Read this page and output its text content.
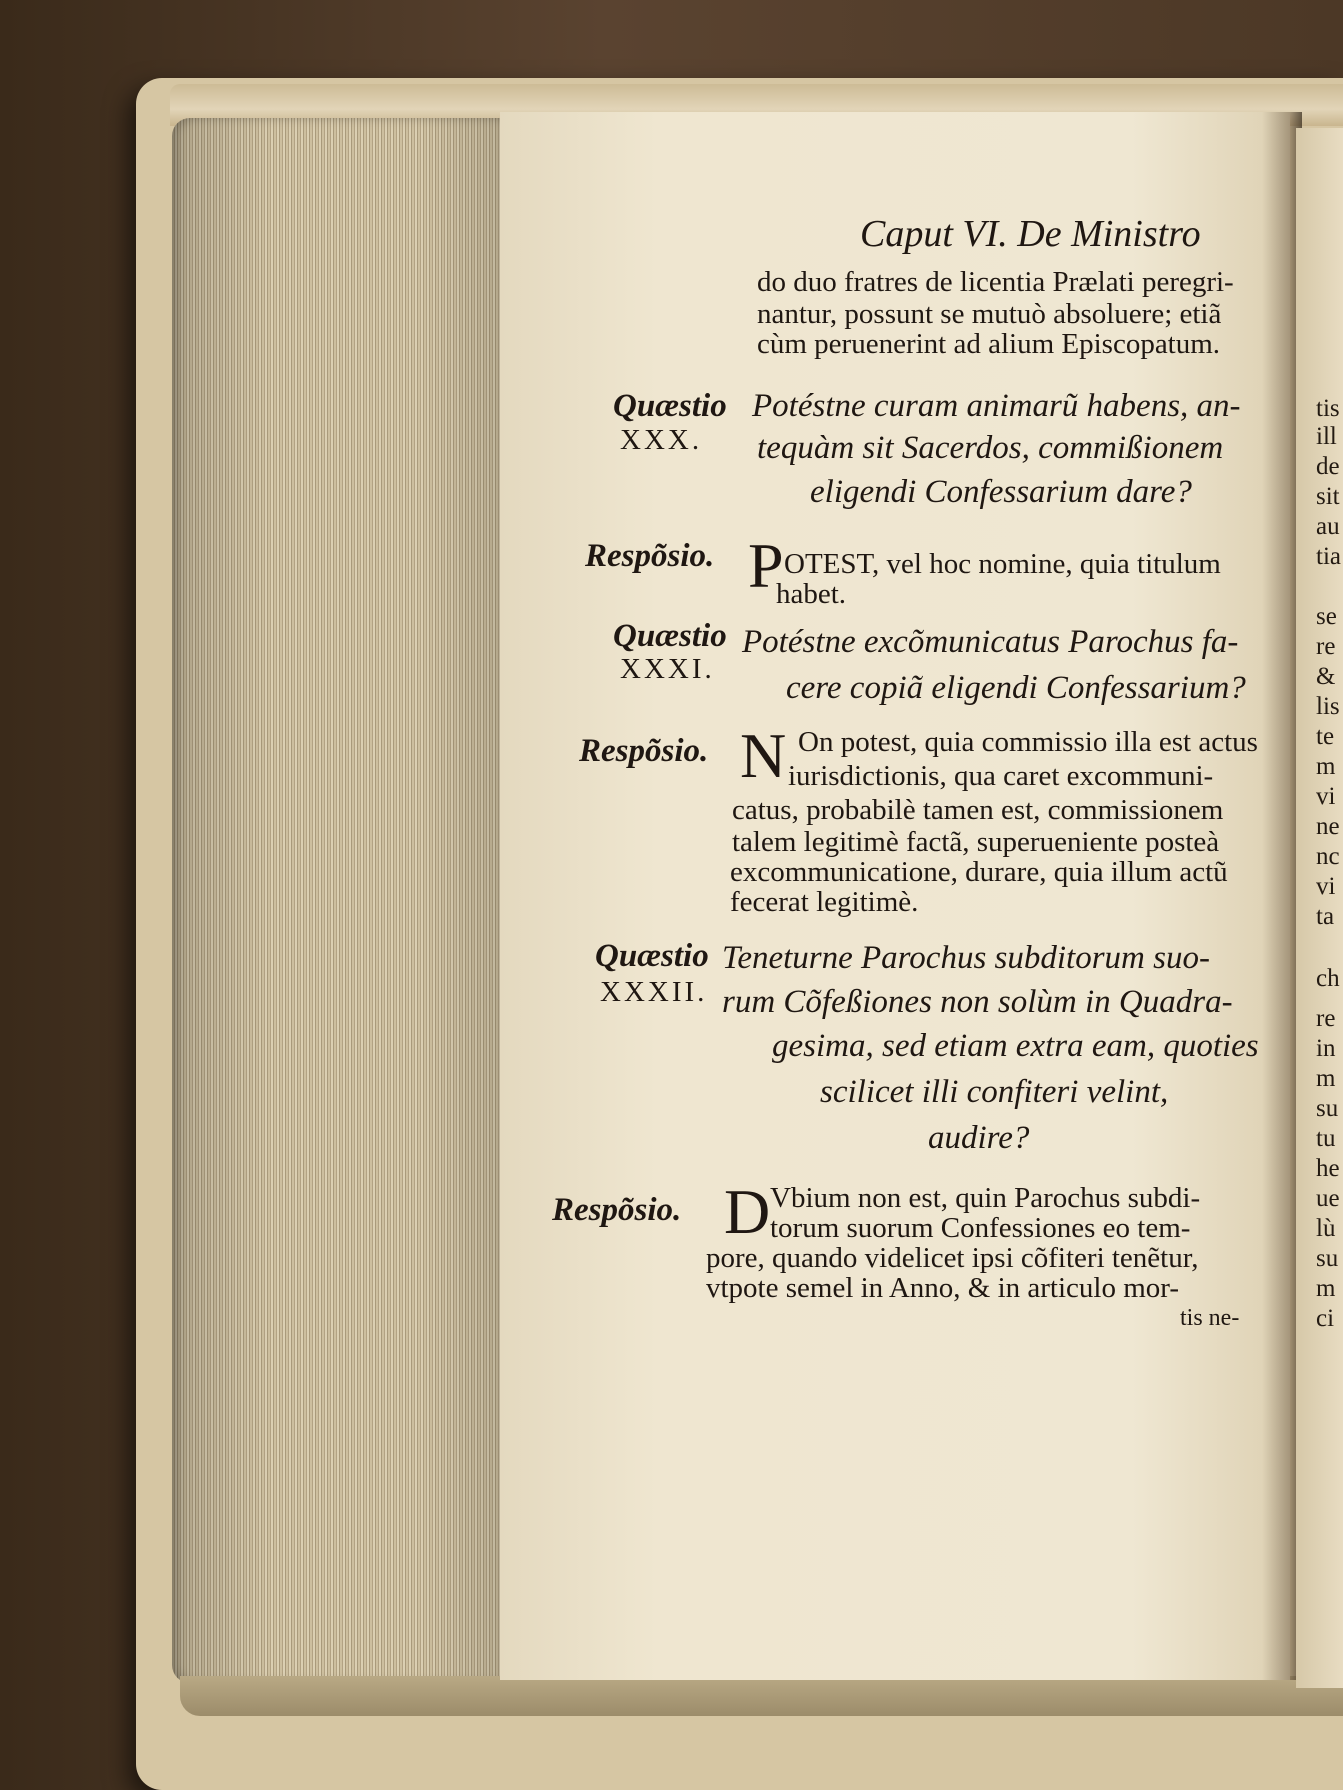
tis
ill
de
sit
au
tia
se
re
&
lis
te
m
vi
ne
nc
vi
ta
ch
re
in
m
su
tu
he
ue
lù
su
m
ci
Caput VI. De Ministro
do duo fratres de licentia Prælati peregri-
nantur, possunt se mutuò absoluere; etiã
cùm peruenerint ad alium Episcopatum.
Quæstio
XXX.
Potéstne curam animarũ habens, an-
tequàm sit Sacerdos, commißionem
eligendi Confessarium dare?
Respõsio. P OTEST, vel hoc nomine, quia titulum
habet.
Quæstio
XXXI.
Potéstne excõmunicatus Parochus fa-
cere copiã eligendi Confessarium?
Respõsio. N On potest, quia commissio illa est actus
iurisdictionis, qua caret excommuni-
catus, probabilè tamen est, commissionem
talem legitimè factã, superueniente posteà
excommunicatione, durare, quia illum actũ
fecerat legitimè.
Quæstio
XXXII.
Teneturne Parochus subditorum suo-
rum Cõfeßiones non solùm in Quadra-
gesima, sed etiam extra eam, quoties
scilicet illi confiteri velint,
audire?
Respõsio. D Vbium non est, quin Parochus subdi-
torum suorum Confessiones eo tem-
pore, quando videlicet ipsi cõfiteri tenẽtur,
vtpote semel in Anno, & in articulo mor-
tis ne-
